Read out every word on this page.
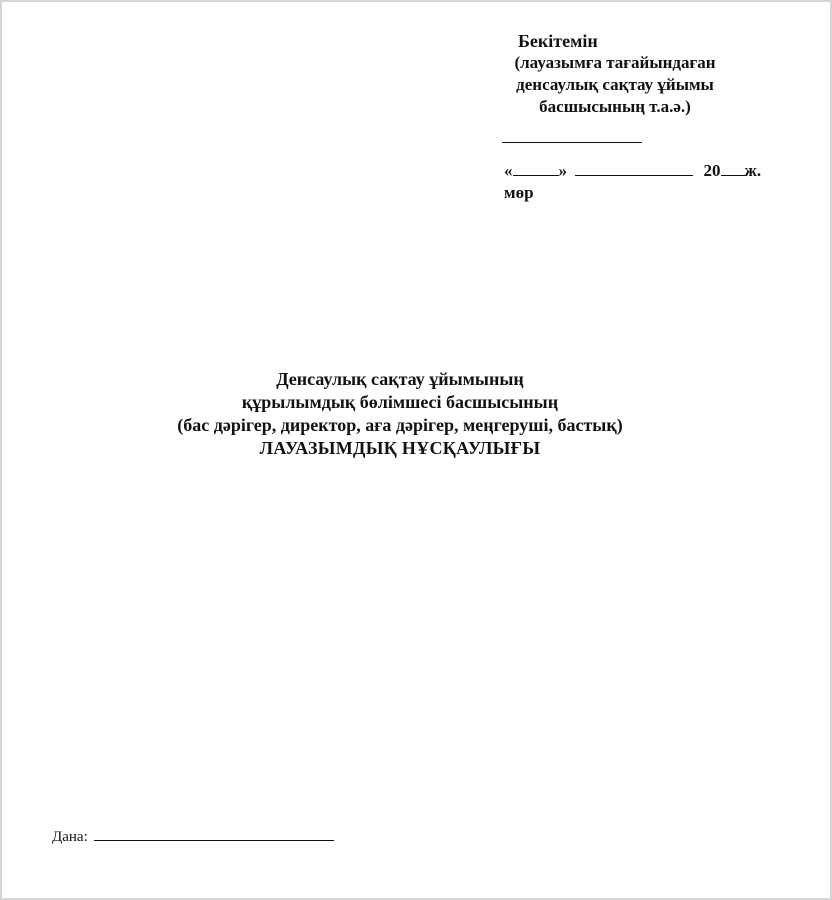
Бекітемін
(лауазымға тағайындаған
денсаулық сақтау ұйымы
басшысының т.а.ә.)
«	»	20ж.
мөр
Денсаулық сақтау ұйымының
құрылымдық бөлімшесі басшысының
(бас дәрігер, директор, аға дәрігер, меңгеруші, бастық)
ЛАУАЗЫМДЫҚ НҰСҚАУЛЫҒЫ
Дана:
